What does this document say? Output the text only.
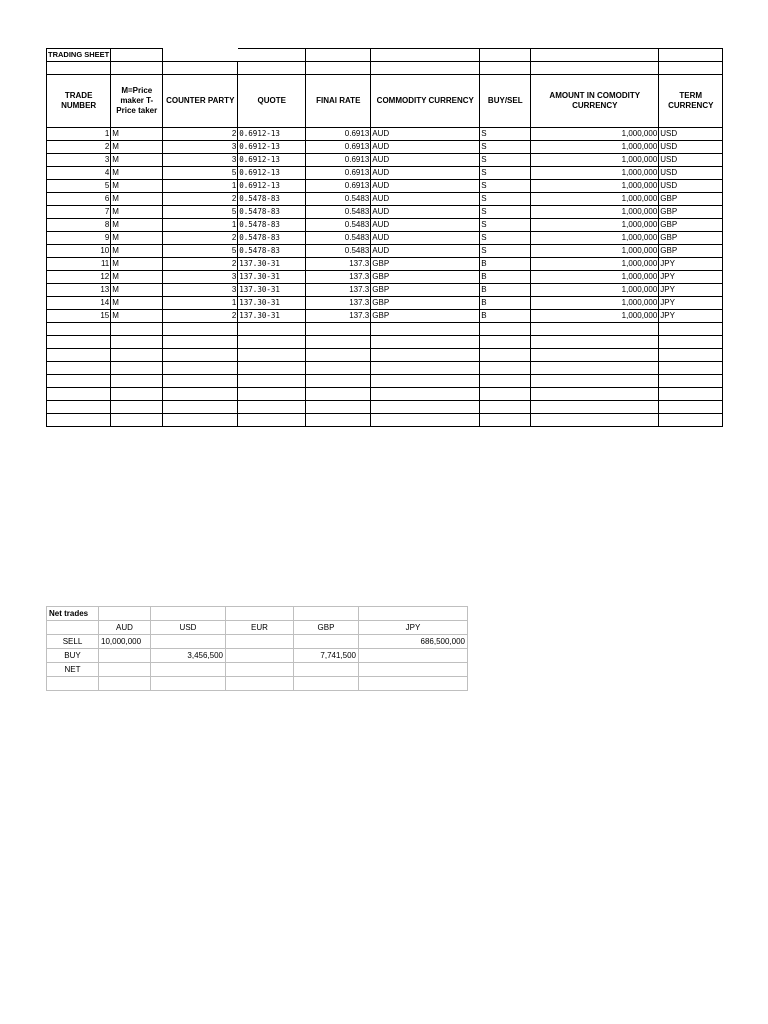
TRADING SHEET								

TRADE NUMBER	M=Price maker T-Price taker	COUNTER PARTY	QUOTE	FINAl RATE	COMMODITY CURRENCY	BUY/SEL	AMOUNT IN COMODITY CURRENCY	TERM CURRENCY
1	M	2	0.6912-13	0.6913	AUD	S	1,000,000	USD
2	M	3	0.6912-13	0.6913	AUD	S	1,000,000	USD
3	M	3	0.6912-13	0.6913	AUD	S	1,000,000	USD
4	M	5	0.6912-13	0.6913	AUD	S	1,000,000	USD
5	M	1	0.6912-13	0.6913	AUD	S	1,000,000	USD
6	M	2	0.5478-83	0.5483	AUD	S	1,000,000	GBP
7	M	5	0.5478-83	0.5483	AUD	S	1,000,000	GBP
8	M	1	0.5478-83	0.5483	AUD	S	1,000,000	GBP
9	M	2	0.5478-83	0.5483	AUD	S	1,000,000	GBP
10	M	5	0.5478-83	0.5483	AUD	S	1,000,000	GBP
11	M	2	137.30-31	137.3	GBP	B	1,000,000	JPY
12	M	3	137.30-31	137.3	GBP	B	1,000,000	JPY
13	M	3	137.30-31	137.3	GBP	B	1,000,000	JPY
14	M	1	137.30-31	137.3	GBP	B	1,000,000	JPY
15	M	2	137.30-31	137.3	GBP	B	1,000,000	JPY

Net trades					
	AUD	USD	EUR	GBP	JPY
SELL	10,000,000				686,500,000
BUY		3,456,500		7,741,500	
NET					
